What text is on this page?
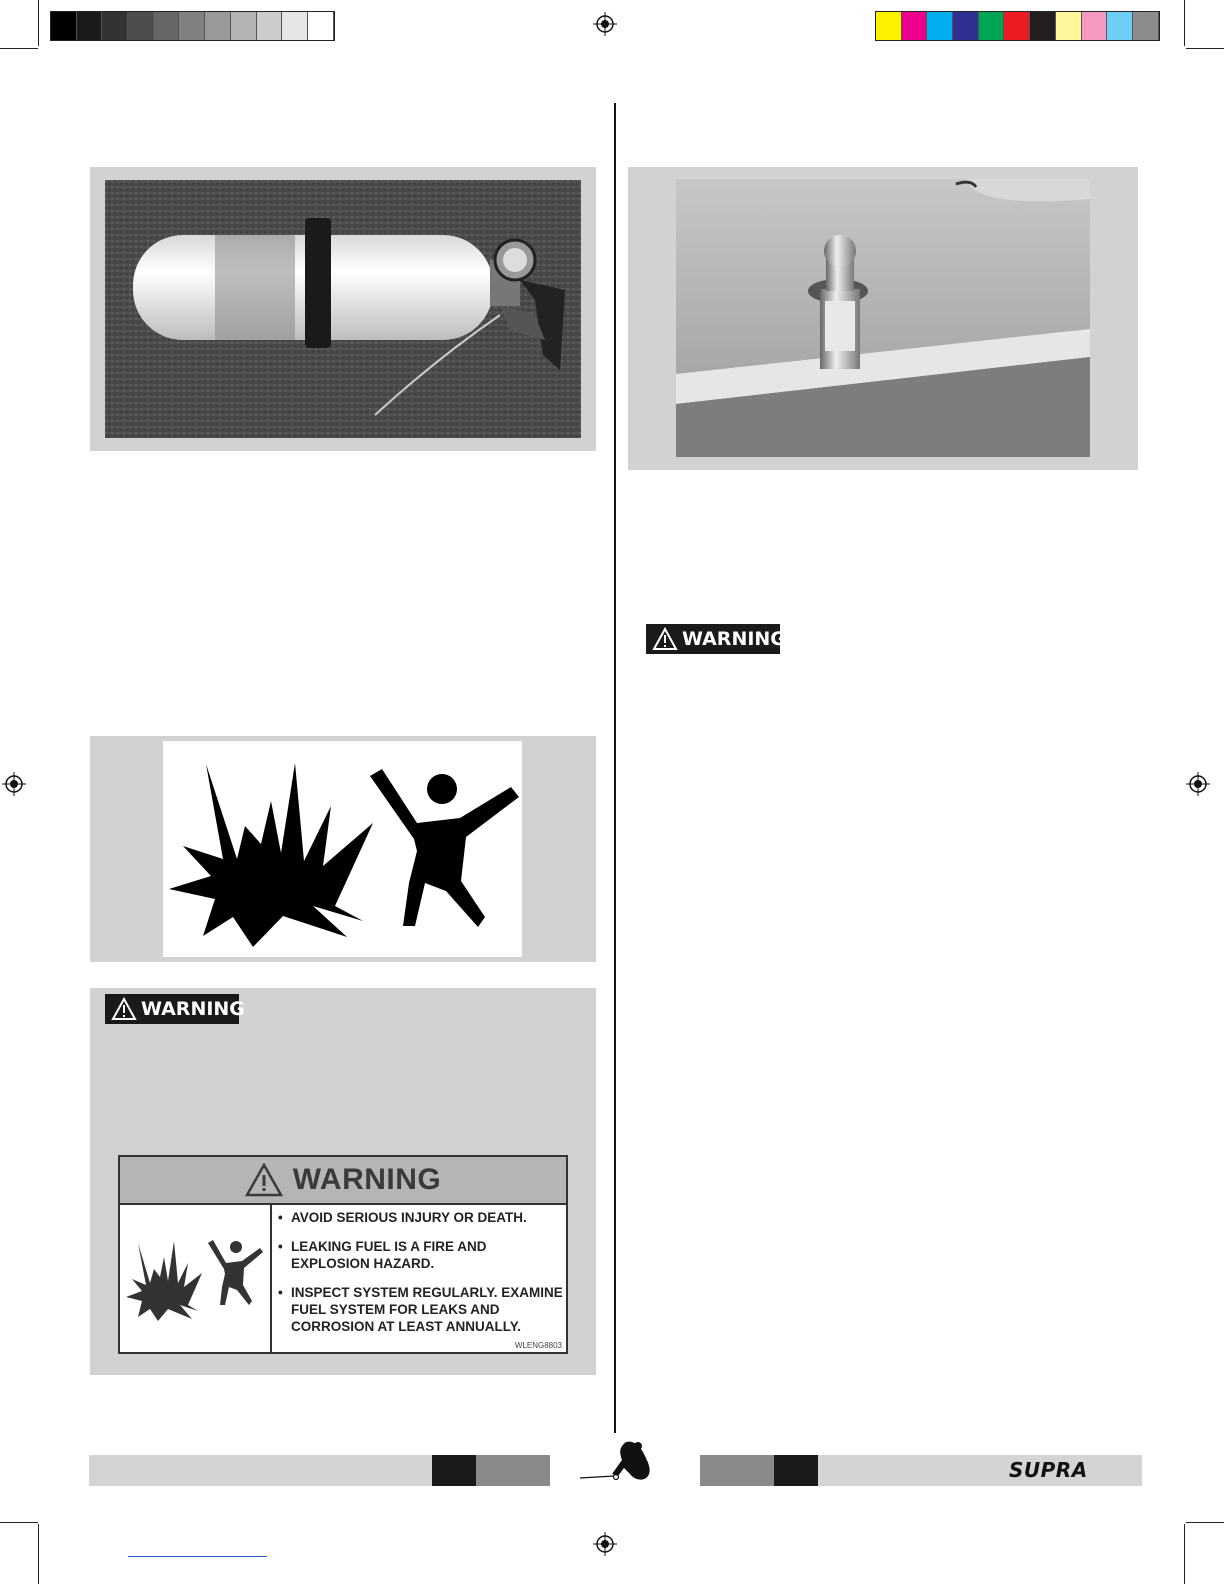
WARNING
WARNING
WARNING
• AVOID SERIOUS INJURY OR DEATH.
• LEAKING FUEL IS A FIRE AND EXPLOSION HAZARD.
• INSPECT SYSTEM REGULARLY. EXAMINE FUEL SYSTEM FOR LEAKS AND CORROSION AT LEAST ANNUALLY.
WLENG8803
SUPRA
